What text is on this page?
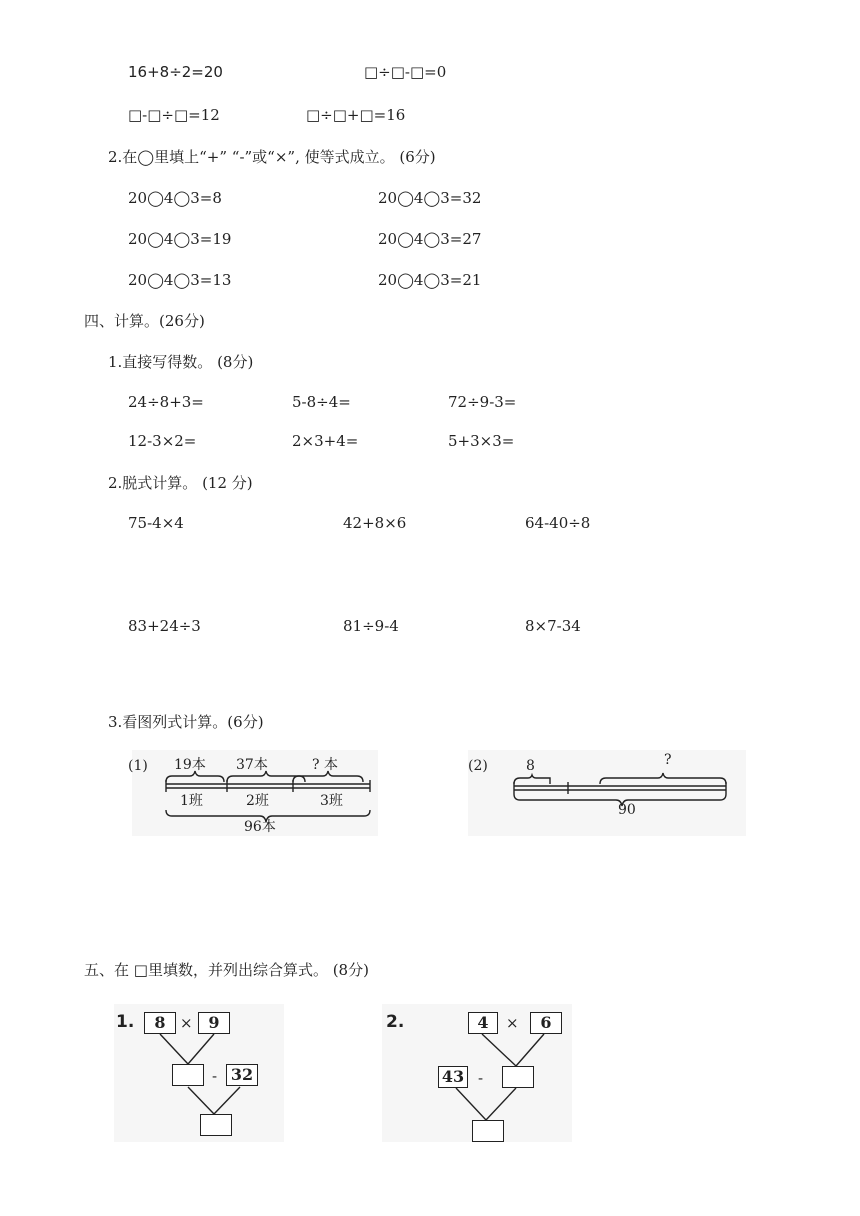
16+8÷2=20	□÷□-□=0
□-□÷□=12	□÷□+□=16
2.在◯里填上“+” “-”或“×”, 使等式成立。 (6分)
20◯4◯3=8	20◯4◯3=32
20◯4◯3=19	20◯4◯3=27
20◯4◯3=13	20◯4◯3=21
四、计算。(26分)
1.直接写得数。 (8分)
24÷8+3=	5-8÷4=	72÷9-3=
12-3×2=	2×3+4=	5+3×3=
2.脱式计算。 (12 分)
75-4×4	42+8×6	64-40÷8
83+24÷3	81÷9-4	8×7-34
3.看图列式计算。(6分)
(1) 19本 37本	? 本
1班	2班	3班
96本
(2)	8	?
90
五、在 □里填数，并列出综合算式。 (8分)
1.	8 × 9
- 32
2.	4	×	6
43 -
